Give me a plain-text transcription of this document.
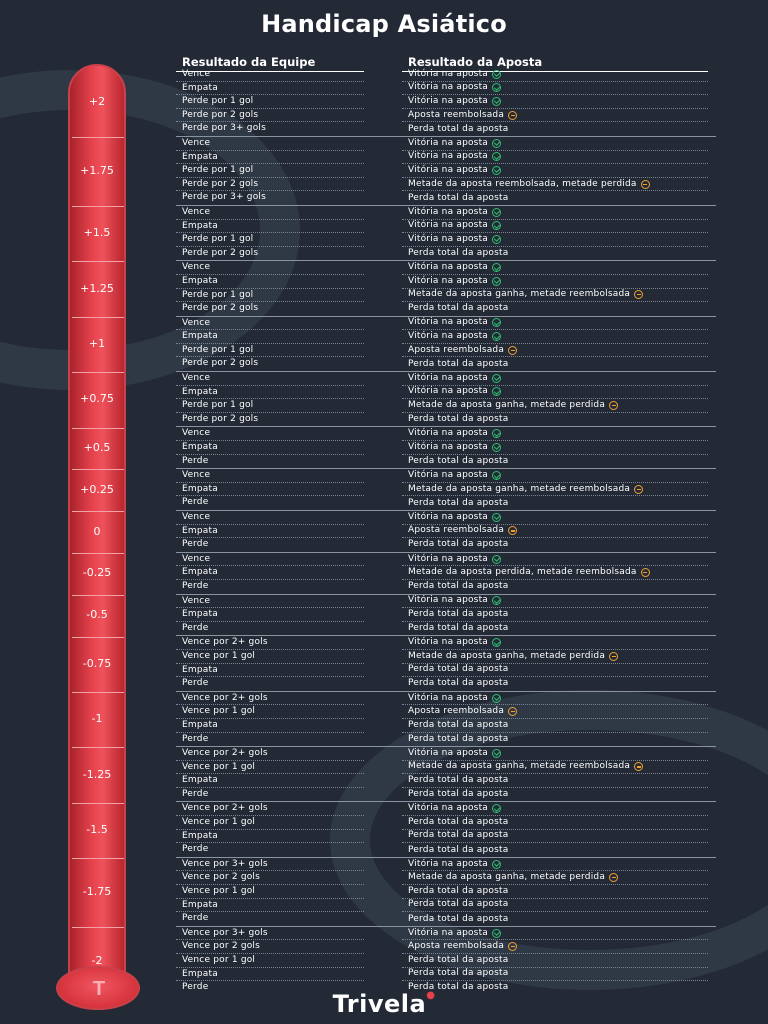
Handicap Asiático
T
+2
+1.75
+1.5
+1.25
+1
+0.75
+0.5
+0.25
0
-0.25
-0.5
-0.75
-1
-1.25
-1.5
-1.75
-2
Resultado da Equipe	Resultado da Aposta
Vence	Vitória na aposta
Empata	Vitória na aposta
Perde por 1 gol	Vitória na aposta
Perde por 2 gols	Aposta reembolsada
Perde por 3+ gols	Perda total da aposta
Vence	Vitória na aposta
Empata	Vitória na aposta
Perde por 1 gol	Vitória na aposta
Perde por 2 gols	Metade da aposta reembolsada, metade perdida
Perde por 3+ gols	Perda total da aposta
Vence	Vitória na aposta
Empata	Vitória na aposta
Perde por 1 gol	Vitória na aposta
Perde por 2 gols	Perda total da aposta
Vence	Vitória na aposta
Empata	Vitória na aposta
Perde por 1 gol	Metade da aposta ganha, metade reembolsada
Perde por 2 gols	Perda total da aposta
Vence	Vitória na aposta
Empata	Vitória na aposta
Perde por 1 gol	Aposta reembolsada
Perde por 2 gols	Perda total da aposta
Vence	Vitória na aposta
Empata	Vitória na aposta
Perde por 1 gol	Metade da aposta ganha, metade perdida
Perde por 2 gols	Perda total da aposta
Vence	Vitória na aposta
Empata	Vitória na aposta
Perde	Perda total da aposta
Vence	Vitória na aposta
Empata	Metade da aposta ganha, metade reembolsada
Perde	Perda total da aposta
Vence	Vitória na aposta
Empata	Aposta reembolsada
Perde	Perda total da aposta
Vence	Vitória na aposta
Empata	Metade da aposta perdida, metade reembolsada
Perde	Perda total da aposta
Vence	Vitória na aposta
Empata	Perda total da aposta
Perde	Perda total da aposta
Vence por 2+ gols	Vitória na aposta
Vence por 1 gol	Metade da aposta ganha, metade perdida
Empata	Perda total da aposta
Perde	Perda total da aposta
Vence por 2+ gols	Vitória na aposta
Vence por 1 gol	Aposta reembolsada
Empata	Perda total da aposta
Perde	Perda total da aposta
Vence por 2+ gols	Vitória na aposta
Vence por 1 gol	Metade da aposta ganha, metade reembolsada
Empata	Perda total da aposta
Perde	Perda total da aposta
Vence por 2+ gols	Vitória na aposta
Vence por 1 gol	Perda total da aposta
Empata	Perda total da aposta
Perde	Perda total da aposta
Vence por 3+ gols	Vitória na aposta
Vence por 2 gols	Metade da aposta ganha, metade perdida
Vence por 1 gol	Perda total da aposta
Empata	Perda total da aposta
Perde	Perda total da aposta
Vence por 3+ gols	Vitória na aposta
Vence por 2 gols	Aposta reembolsada
Vence por 1 gol	Perda total da aposta
Empata	Perda total da aposta
Perde	Perda total da aposta
Trivela●
